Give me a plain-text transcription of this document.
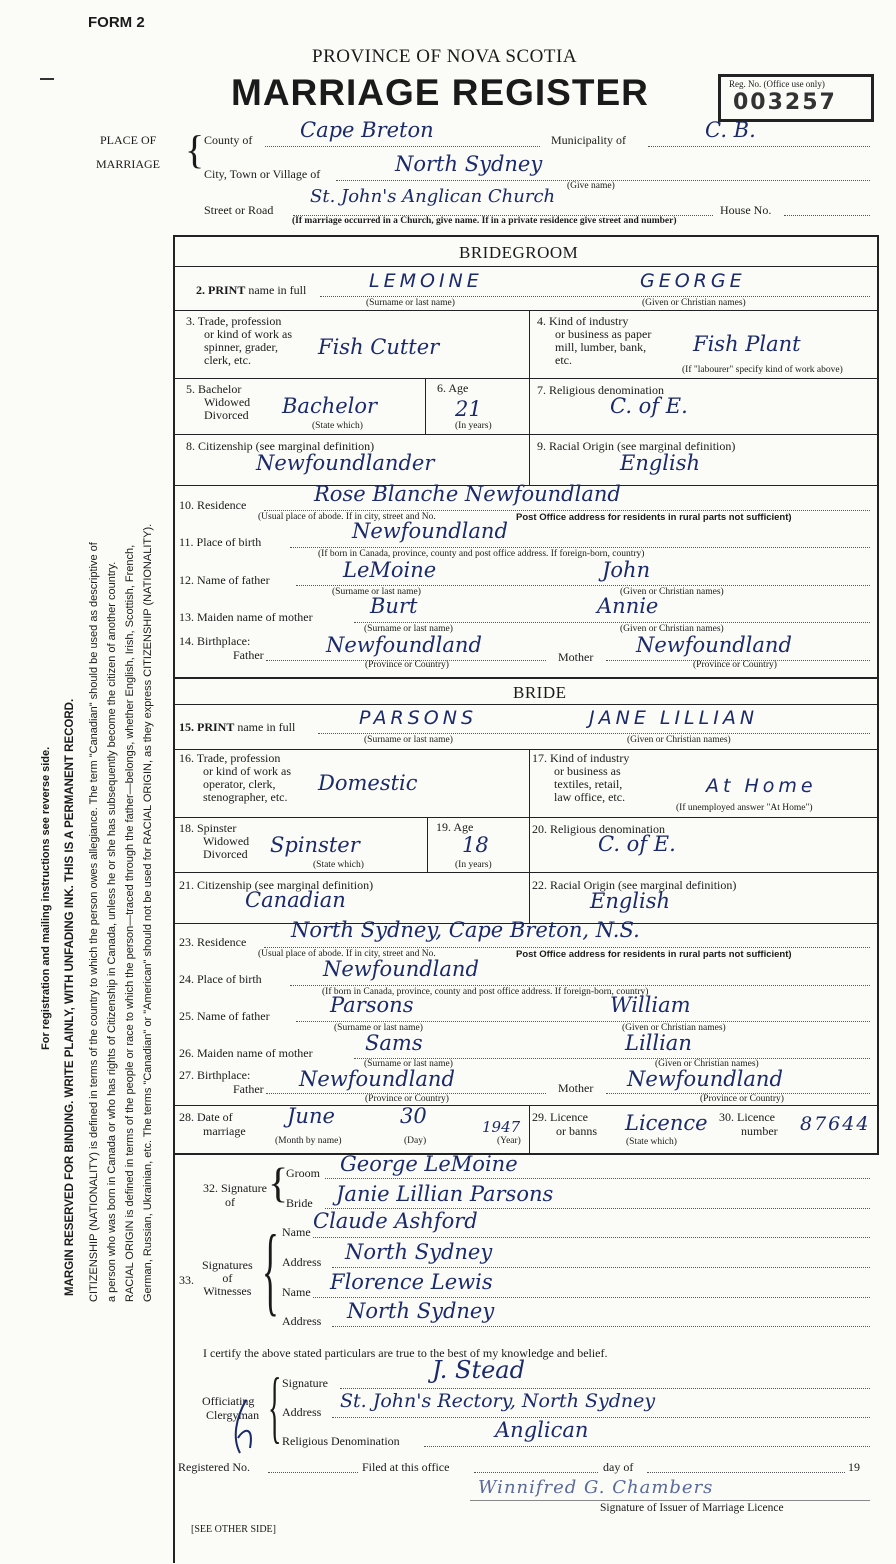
FORM 2
PROVINCE OF NOVA SCOTIA
MARRIAGE REGISTER	Reg. No. (Office use only)
003257
For registration and mailing instructions see reverse side. MARGIN RESERVED FOR BINDING. WRITE PLAINLY, WITH UNFADING INK. THIS IS A PERMANENT RECORD. CITIZENSHIP (NATIONALITY) is defined in terms of the country to which the person owes allegiance. The term "Canadian" should be used as descriptive of a person who was born in Canada or who has rights of Citizenship in Canada, unless he or she has subsequently become the citizen of another country. RACIAL ORIGIN is defined in terms of the people or race to which the person—traced through the father—belongs, whether English, Irish, Scottish, French, German, Russian, Ukrainian, etc. The terms "Canadian" or "American" should not be used for RACIAL ORIGIN, as they express CITIZENSHIP (NATIONALITY).
PLACE OF
MARRIAGE { County of Cape Breton	Municipality of	C. B.
City, Town or Village of	North Sydney
(Give name)
Street or Road
St. John's Anglican Church
House No.
(If marriage occurred in a Church, give name. If in a private residence give street and number)
BRIDEGROOM
2. PRINT name in full	LEMOINE	GEORGE
(Surname or last name)	(Given or Christian names)
3. Trade, profession
or kind of work as
spinner, grader,
clerk, etc.
Fish Cutter
4. Kind of industry
or business as paper
mill, lumber, bank,
etc.
Fish Plant
(If "labourer" specify kind of work above)
5. Bachelor
Widowed
Divorced Bachelor
(State which)
6. Age
21
(In years)
7. Religious denomination
C. of E.
8. Citizenship (see marginal definition)
Newfoundlander
9. Racial Origin (see marginal definition)
English
10. Residence	Rose Blanche Newfoundland
(Usual place of abode. If in city, street and No.	Post Office address for residents in rural parts not sufficient)
11. Place of birth	Newfoundland
(If born in Canada, province, county and post office address. If foreign-born, country)
12. Name of father	LeMoine	John
(Surname or last name)	(Given or Christian names)
13. Maiden name of mother	Burt	Annie
(Surname or last name)	(Given or Christian names)
14. Birthplace:
Father	Newfoundland	Mother Newfoundland
(Province or Country)	(Province or Country)
BRIDE
15. PRINT name in full	PARSONS	JANE LILLIAN
(Surname or last name)	(Given or Christian names)
16. Trade, profession
or kind of work as
operator, clerk,
stenographer, etc.
Domestic
17. Kind of industry
or business as
textiles, retail,
law office, etc.	At Home
(If unemployed answer "At Home")
18. Spinster
Widowed
Divorced Spinster
(State which)
19. Age
18
(In years)
20. Religious denomination
C. of E.
21. Citizenship (see marginal definition)
Canadian
22. Racial Origin (see marginal definition)
English
23. Residence North Sydney, Cape Breton, N.S.
(Usual place of abode. If in city, street and No.	Post Office address for residents in rural parts not sufficient)
24. Place of birth	Newfoundland
(If born in Canada, province, county and post office address. If foreign-born, country)
25. Name of father	Parsons	William
(Surname or last name)	(Given or Christian names)
26. Maiden name of mother Sams	Lillian
(Surname or last name)	(Given or Christian names)
27. Birthplace:
Father Newfoundland	Mother Newfoundland
(Province or Country)	(Province or Country)
28. Date of
marriage
June	30	1947
(Month by name)	(Day)	(Year)
29. Licence
or banns Licence
(State which)
30. Licence
number 87644
32. Signature
of {
Groom George LeMoine
Bride Janie Lillian Parsons
33.
Signatures
of
Witnesses { Name Claude Ashford
Address North Sydney
Name Florence Lewis
Address North Sydney
I certify the above stated particulars are true to the best of my knowledge and belief.
Officiating
Clergyman { Signature	J. Stead
Address St. John's Rectory, North Sydney
Religious Denomination	Anglican
Registered No.	Filed at this office	day of	19
Winnifred G. Chambers
Signature of Issuer of Marriage Licence
[SEE OTHER SIDE]
